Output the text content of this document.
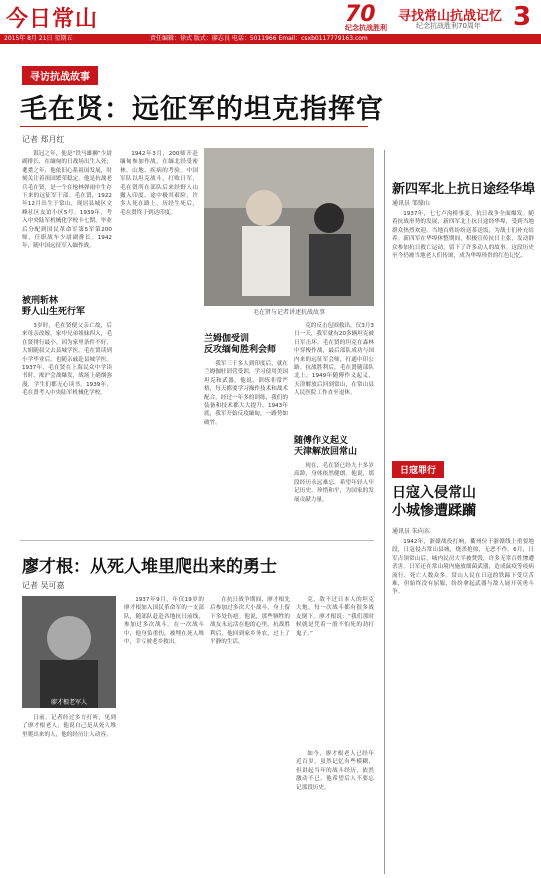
今日常山	70
纪念抗战胜利
寻找常山抗战记忆
纪念抗战胜利70周年 3
2015年 8月 21日 星期五	责任编辑：徐式 版式：廖志良 电话：5011966 Email：csxb0117779163.com
寻访抗战故事
毛在贤：远征军的坦克指挥官
记者 郑月红

银冠之年，他是“铁马雄狮”少尉副排长，在缅甸的日战场出生入死；耄耋之年，他依旧心系祖国发展，时刻关注着祖国繁荣稳定。他是抗战老兵毛在贤，是一个在枪林弹雨中生存下来的远征军干部。毛在贤，1922年12月出生于常山，现居县城区文峰社区友谊小区5号。1939年，考入中央陆军机械化学校卡七期，毕业后分配到国民革命军第5军第200师，任职战车少尉副排长。1942年，随中国远征军入缅作战。

被刑斩林
野人山生死行军

3岁时，毛在贤便父亲亡故，后来母亲改嫁，家中兄弟姐妹四人，毛在贤排行最小。因为家里条件不好，大姐随叔父去县城学医。毛在贤读到小学毕业后，也随亲戚赴县城学医。1937年，毛在贤在上海民众中学读书时，淞沪会战爆发，战场上硝烟弥漫，学生们都无心读书。1939年，毛在贤考入中央陆军机械化学校。

1942年3月，200师开赴缅甸参加作战，在缅北经受密林、山地、疾病的考验。中国军队以坦克战斗，打败日军，毛在贤所在部队后来经野人山撤入印度，途中极其艰险，许多人死在路上。历经生死后，毛在贤终于到达印度。

毛在贤与记者讲述抗战故事
兰姆伽受训
反攻缅甸胜利会师

我军三千多人到印度后，就在兰姆伽驻训营受训，学习使用美国坦克和武器。他说，训练非常严格，每天都要学习操作技术和战术配合。经过一年多的训练，我们的装备和技术都大大提升。1943年底，我军开始反攻缅甸，一路势如破竹。

克的反击包围救出，仅3月3日一天，我军就有20多辆坦克被日军击坏。毛在贤的坦克在森林中穿梭作战，最后部队成功与国内来的远征军会师，打通中印公路。抗战胜利后，毛在贤随部队北上，1949年随傅作义起义，天津解放后回到常山，在常山县人民医院工作直至退休。

随傅作义起义
天津解放回常山

现在，毛在贤已经九十多岁高龄，身体依然健朗。他说，那段经历永远难忘，希望年轻人牢记历史，珍惜和平，为国家的发展贡献力量。

廖才根：从死人堆里爬出来的勇士
记者 吴可嘉
廖才根老军人

日前，记者经过多方打听，见到了廖才根老人，他说自己是从死人堆里爬出来的人，他的经历让人动容。

1937年9月，年仅19岁的廖才根加入国民革命军的一支部队，随部队赶赴各地抗日前线，参加过多次战斗。在一次战斗中，他身负重伤，被埋在死人堆中，幸亏被老乡救出。

在抗日战争期间，廖才根先后参加过多次大小战斗，身上留下多处伤疤。他说，那些牺牲的战友永远活在他的心里。抗战胜利后，他回到家乡务农，过上了平静的生活。

克，敌不过日本人的坦克大炮，每一次战斗都有很多战友倒下。廖才根说：“我们那时候就是凭着一股不怕死的劲打鬼子。”

如今，廖才根老人已经年近百岁，虽然记忆有些模糊，但讲起当年的战斗经历，依然激动不已。他希望后人不要忘记那段历史。

新四军北上抗日途经华埠
通讯员 邹鼎山

1937年，七七卢沟桥事变，抗日战争全面爆发。随着抗战形势的发展，新四军北上抗日途经华埠，受到当地群众热烈欢迎。当地百姓纷纷送茶送饭，为战士们补充给养。新四军在华埠休整期间，积极宣传抗日主张，发动群众参加抗日救亡运动，留下了许多动人的故事。这段历史至今仍被当地老人们传颂，成为华埠珍贵的红色记忆。

日寇罪行
日寇入侵常山
小城惨遭蹂躏
通讯员 朱向东

1942年，浙赣战役打响，衢州位于浙赣线上重要地段，日寇侵占常山县城，烧杀抢掠，无恶不作。6月，日军占领常山后，城内民房大半被焚毁，许多无辜百姓惨遭杀害。日军还在常山境内施放细菌武器，造成鼠疫等疫病流行，死亡人数众多。常山人民在日寇的铁蹄下受尽苦难，但始终没有屈服，纷纷拿起武器与敌人展开英勇斗争。
